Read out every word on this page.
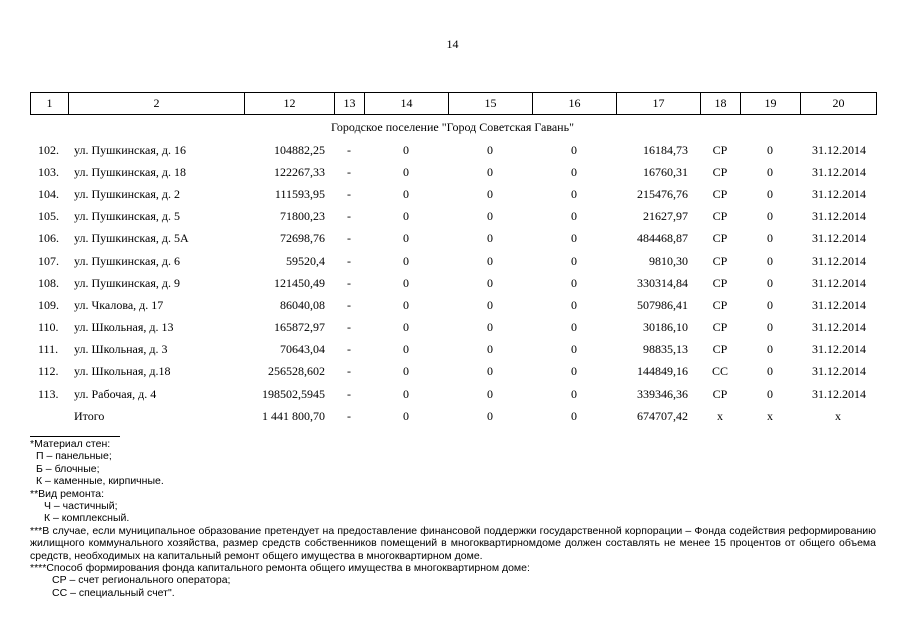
14
1	2	12	13	14	15	16	17	18	19	20
Городское поселение "Город Советская Гавань"
102.	ул. Пушкинская, д. 16	104882,25	-	0	0	0	16184,73	СР	0	31.12.2014
103.	ул. Пушкинская, д. 18	122267,33	-	0	0	0	16760,31	СР	0	31.12.2014
104.	ул. Пушкинская, д. 2	111593,95	-	0	0	0	215476,76	СР	0	31.12.2014
105.	ул. Пушкинская, д. 5	71800,23	-	0	0	0	21627,97	СР	0	31.12.2014
106.	ул. Пушкинская, д. 5А	72698,76	-	0	0	0	484468,87	СР	0	31.12.2014
107.	ул. Пушкинская, д. 6	59520,4	-	0	0	0	9810,30	СР	0	31.12.2014
108.	ул. Пушкинская, д. 9	121450,49	-	0	0	0	330314,84	СР	0	31.12.2014
109.	ул. Чкалова, д. 17	86040,08	-	0	0	0	507986,41	СР	0	31.12.2014
110.	ул. Школьная, д. 13	165872,97	-	0	0	0	30186,10	СР	0	31.12.2014
111.	ул. Школьная, д. 3	70643,04	-	0	0	0	98835,13	СР	0	31.12.2014
112.	ул. Школьная, д.18	256528,602	-	0	0	0	144849,16	СС	0	31.12.2014
113.	ул. Рабочая, д. 4	198502,5945	-	0	0	0	339346,36	СР	0	31.12.2014
	Итого	1 441 800,70	-	0	0	0	674707,42	х	х	х
*Материал стен:
П – панельные;
Б – блочные;
К – каменные, кирпичные.
**Вид ремонта:
Ч – частичный;
К – комплексный.
***В случае, если муниципальное образование претендует на предоставление финансовой поддержки государственной корпорации – Фонда содействия реформированию жилищного коммунального хозяйства, размер средств собственников помещений в многоквартирномдоме должен составлять не менее 15 процентов от общего объема средств, необходимых на капитальный ремонт общего имущества в многоквартирном доме.
****Способ формирования фонда капитального ремонта общего имущества в многоквартирном доме:
СР – счет регионального оператора;
СС – специальный счет".
